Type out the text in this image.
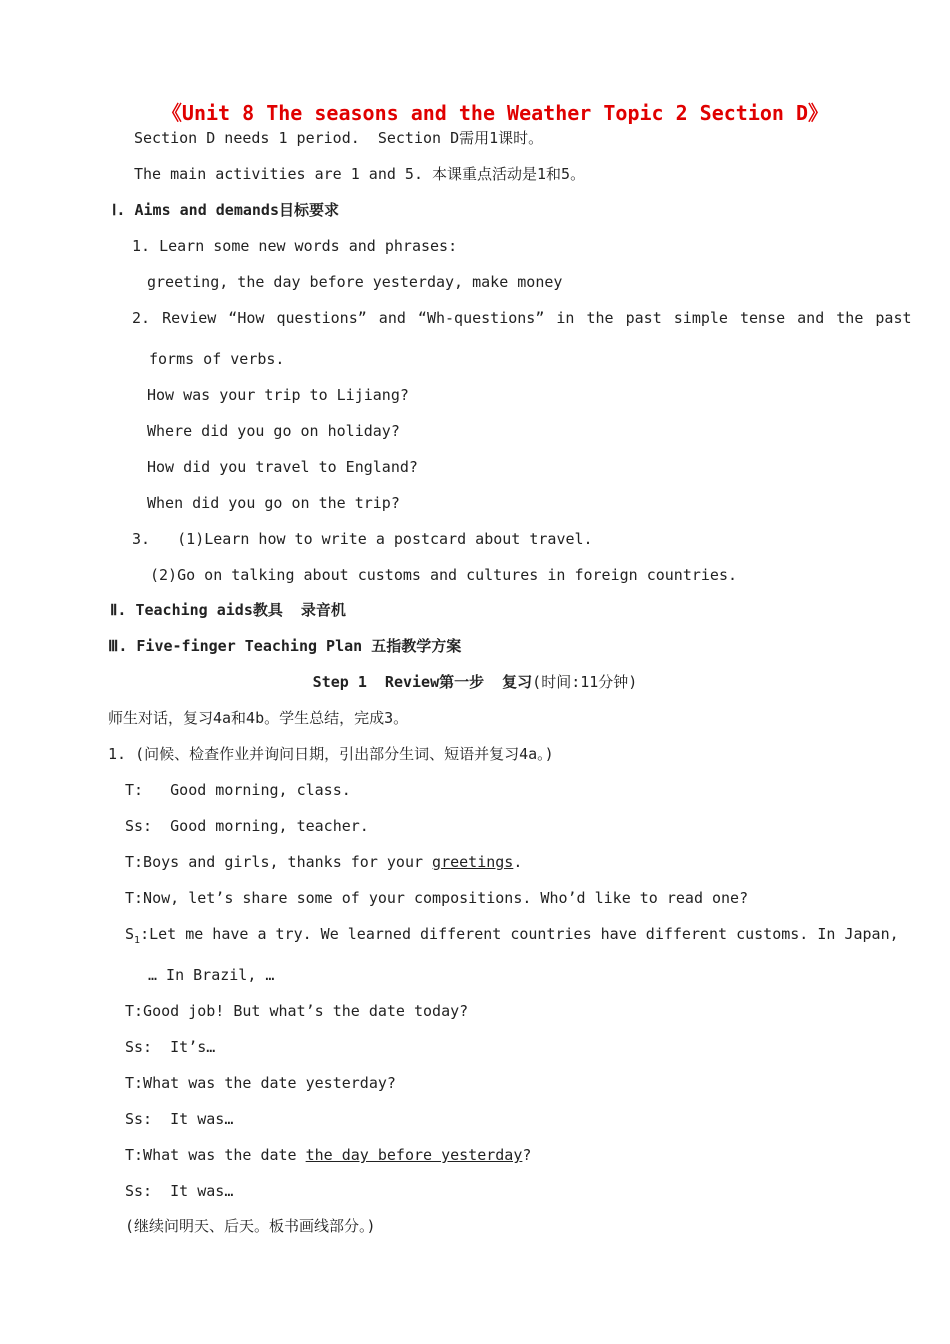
《Unit 8 The seasons and the Weather Topic 2 Section D》
Section D needs 1 period.  Section D需用1课时。
The main activities are 1 and 5. 本课重点活动是1和5。
Ⅰ. Aims and demands目标要求
1. Learn some new words and phrases:
greeting, the day before yesterday, make money
2. Review “How questions” and “Wh-questions” in the past simple tense and the past
forms of verbs.
How was your trip to Lijiang?
Where did you go on holiday?
How did you travel to England?
When did you go on the trip?
3.   (1)Learn how to write a postcard about travel.
(2)Go on talking about customs and cultures in foreign countries.
Ⅱ. Teaching aids教具  录音机
Ⅲ. Five-finger Teaching Plan 五指教学方案
Step 1  Review第一步  复习(时间:11分钟)
师生对话，复习4a和4b。学生总结，完成3。
1. (问候、检查作业并询问日期，引出部分生词、短语并复习4a。)
T:   Good morning, class.
Ss:  Good morning, teacher.
T:Boys and girls, thanks for your greetings.
T:Now, let’s share some of your compositions. Who’d like to read one?
$S_1:Let$ me have a try. We learned different countries have different customs. In Japan,
… In Brazil, …
T:Good job! But what’s the date today?
Ss:  It’s…
T:What was the date yesterday?
Ss:  It was…
T:What was the date the day before yesterday?
Ss:  It was…
(继续问明天、后天。板书画线部分。)
